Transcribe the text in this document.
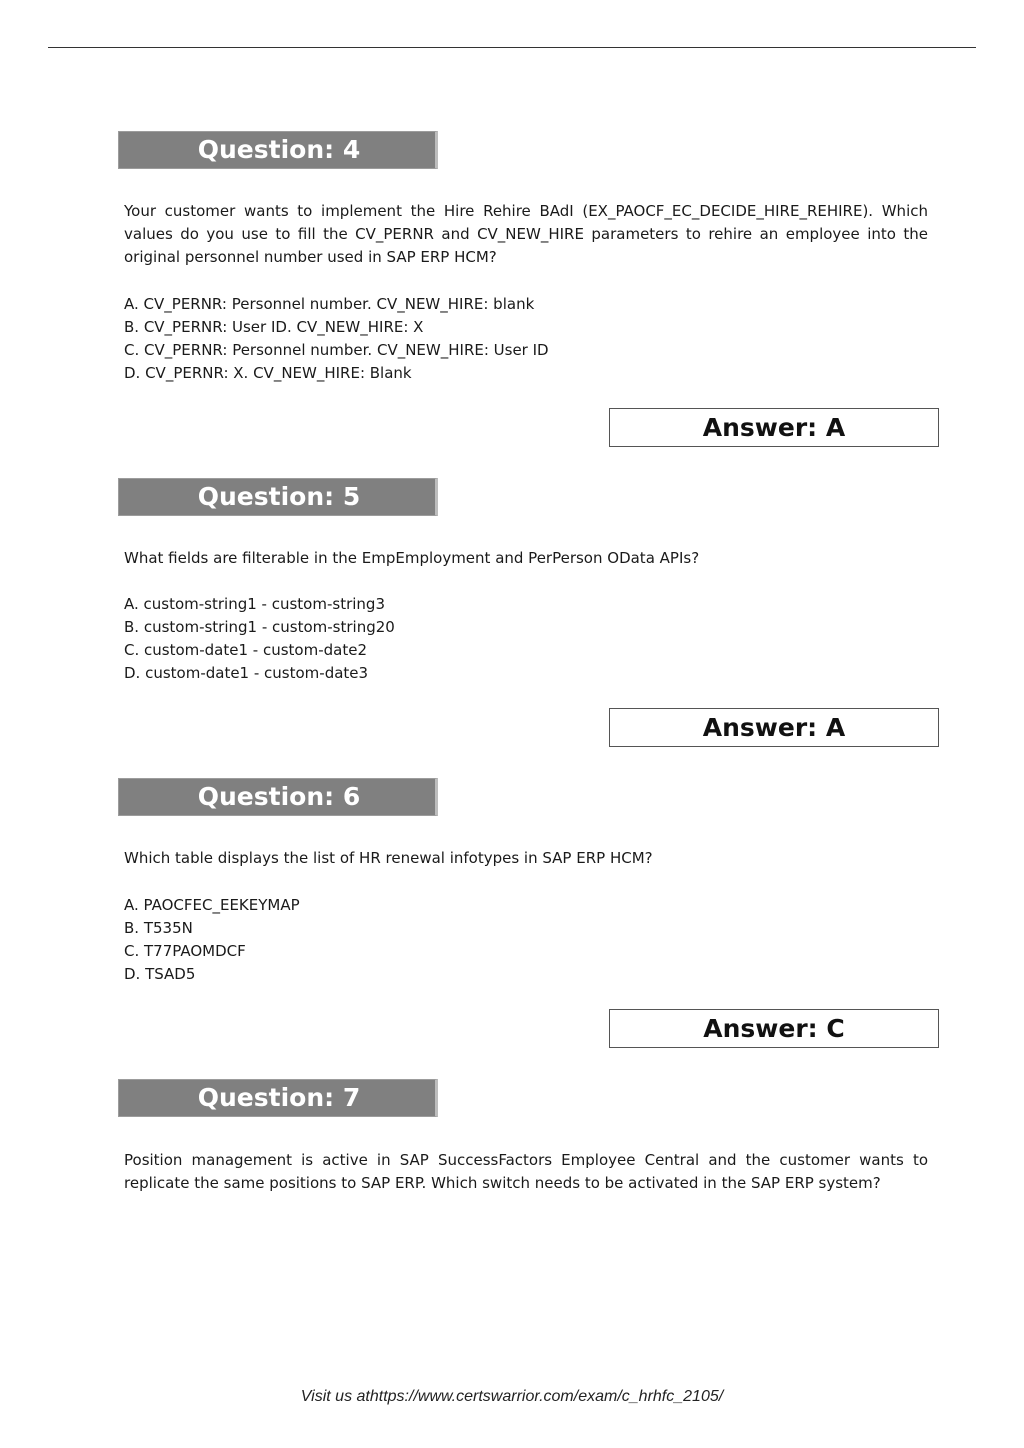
Question: 4

Your customer wants to implement the Hire Rehire BAdI (EX_PAOCF_EC_DECIDE_HIRE_REHIRE). Which values do you use to fill the CV_PERNR and CV_NEW_HIRE parameters to rehire an employee into the original personnel number used in SAP ERP HCM?

A. CV_PERNR: Personnel number. CV_NEW_HIRE: blank
B. CV_PERNR: User ID. CV_NEW_HIRE: X
C. CV_PERNR: Personnel number. CV_NEW_HIRE: User ID
D. CV_PERNR: X. CV_NEW_HIRE: Blank
Answer: A
Question: 5

What fields are filterable in the EmpEmployment and PerPerson OData APIs?

A. custom-string1 - custom-string3
B. custom-string1 - custom-string20
C. custom-date1 - custom-date2
D. custom-date1 - custom-date3
Answer: A
Question: 6

Which table displays the list of HR renewal infotypes in SAP ERP HCM?

A. PAOCFEC_EEKEYMAP
B. T535N
C. T77PAOMDCF
D. TSAD5
Answer: C
Question: 7

Position management is active in SAP SuccessFactors Employee Central and the customer wants to replicate the same positions to SAP ERP. Which switch needs to be activated in the SAP ERP system?

Visit us athttps://www.certswarrior.com/exam/c_hrhfc_2105/
